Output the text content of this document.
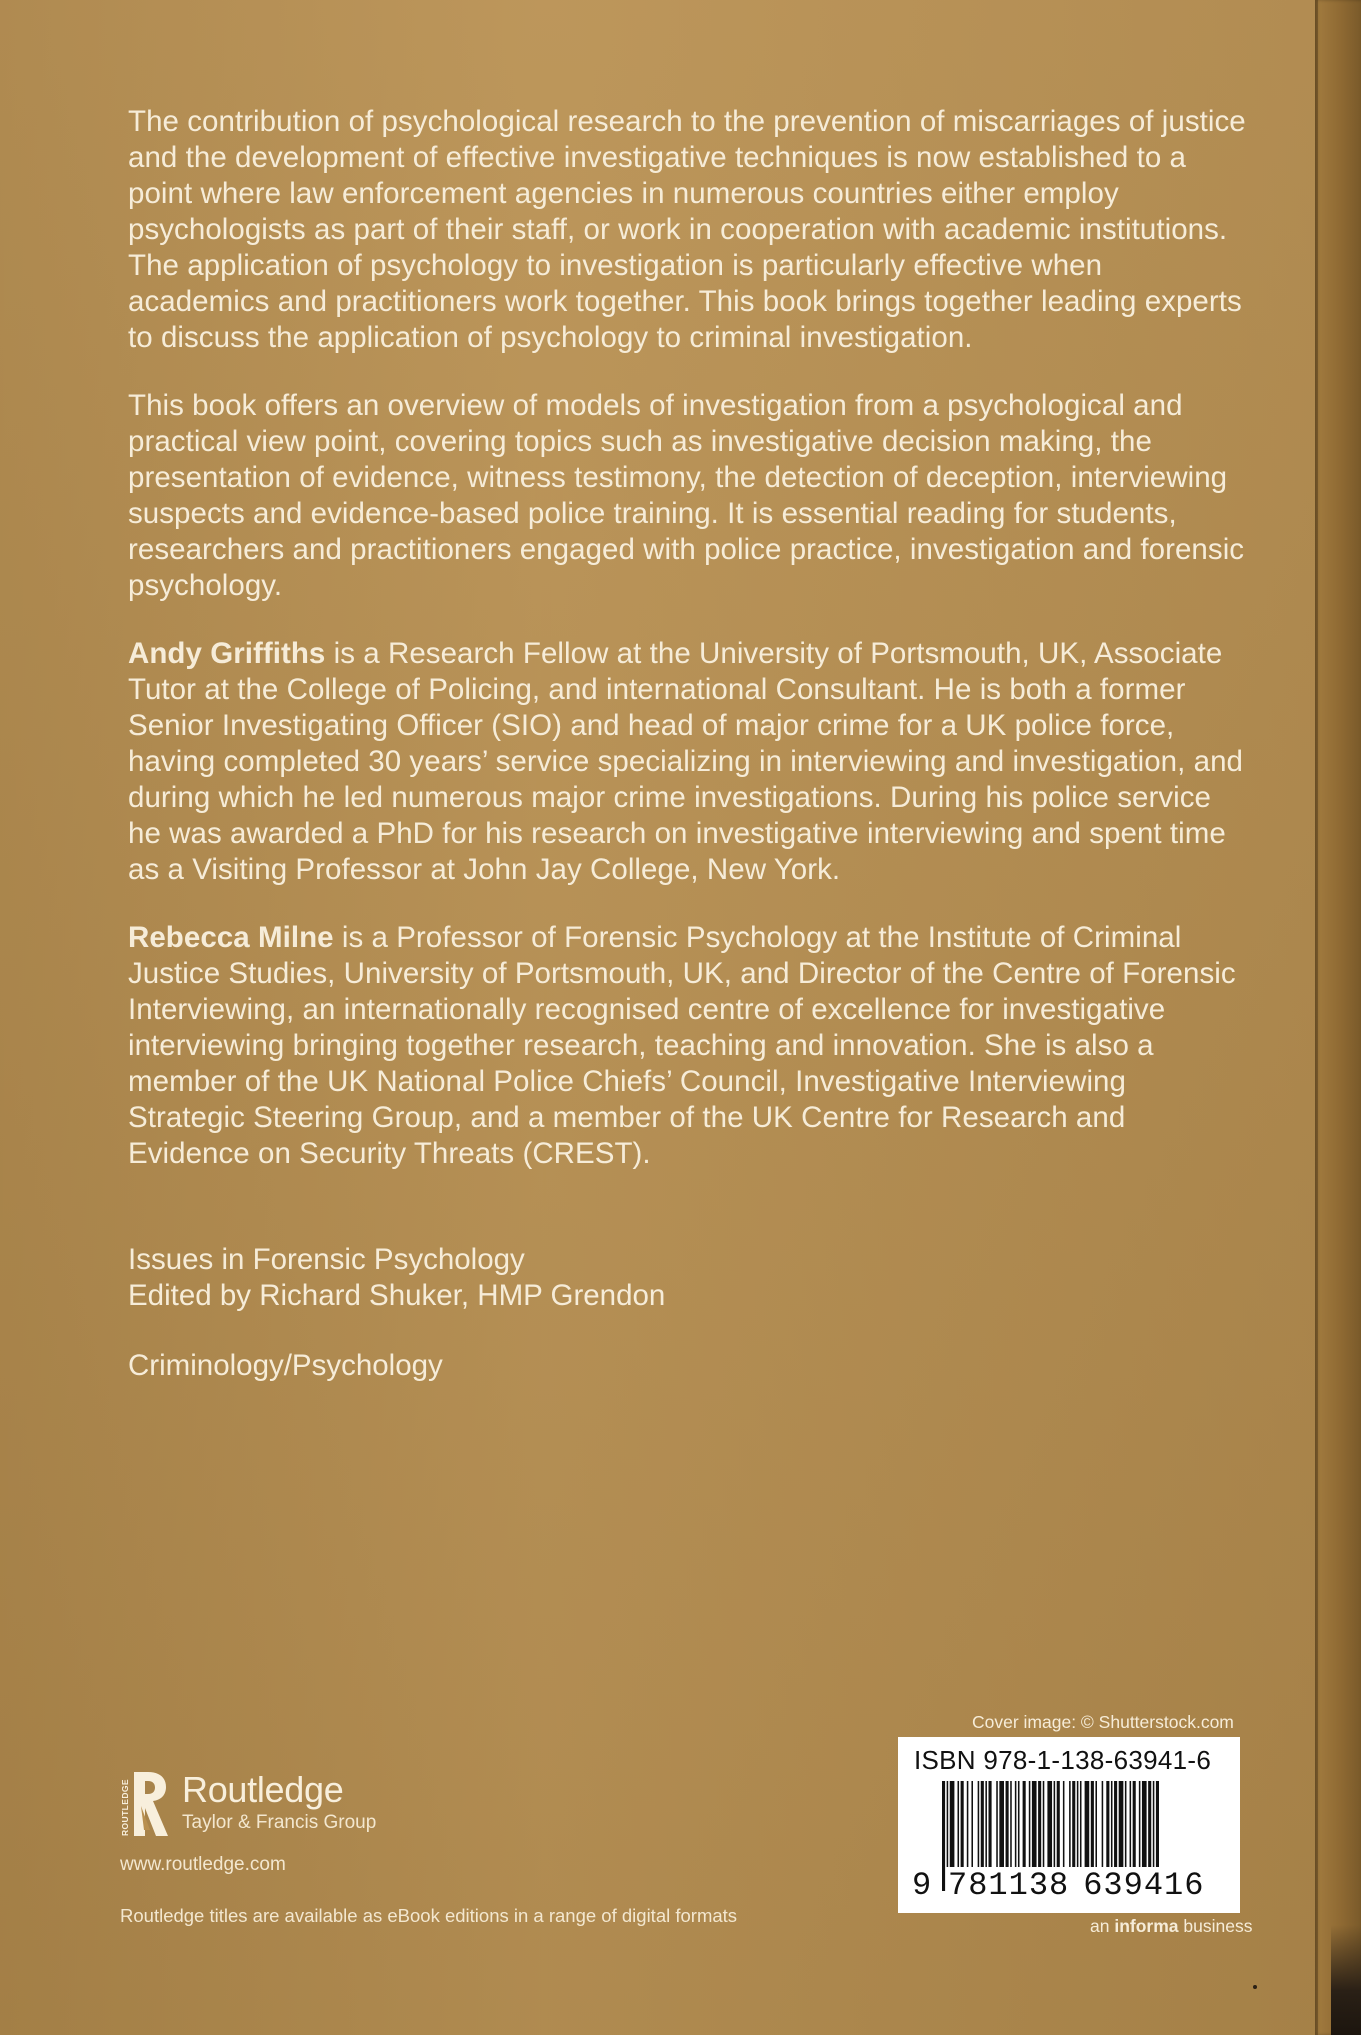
The contribution of psychological research to the prevention of miscarriages of justice and the development of effective investigative techniques is now established to a point where law enforcement agencies in numerous countries either employ psychologists as part of their staff, or work in cooperation with academic institutions. The application of psychology to investigation is particularly effective when academics and practitioners work together. This book brings together leading experts to discuss the application of psychology to criminal investigation.

This book offers an overview of models of investigation from a psychological and practical view point, covering topics such as investigative decision making, the presentation of evidence, witness testimony, the detection of deception, interviewing suspects and evidence-based police training. It is essential reading for students, researchers and practitioners engaged with police practice, investigation and forensic psychology.

Andy Griffiths is a Research Fellow at the University of Portsmouth, UK, Associate Tutor at the College of Policing, and international Consultant. He is both a former Senior Investigating Officer (SIO) and head of major crime for a UK police force, having completed 30 years’ service specializing in interviewing and investigation, and during which he led numerous major crime investigations. During his police service he was awarded a PhD for his research on investigative interviewing and spent time as a Visiting Professor at John Jay College, New York.

Rebecca Milne is a Professor of Forensic Psychology at the Institute of Criminal Justice Studies, University of Portsmouth, UK, and Director of the Centre of Forensic Interviewing, an internationally recognised centre of excellence for investigative interviewing bringing together research, teaching and innovation. She is also a member of the UK National Police Chiefs’ Council, Investigative Interviewing Strategic Steering Group, and a member of the UK Centre for Research and Evidence on Security Threats (CREST).

Issues in Forensic Psychology
Edited by Richard Shuker, HMP Grendon
Criminology/Psychology
ROUTLEDGE Routledge
Taylor & Francis Group
www.routledge.com
Routledge titles are available as eBook editions in a range of digital formats
Cover image: © Shutterstock.com
ISBN 978-1-138-63941-6
9 781138 639416
an informa business
